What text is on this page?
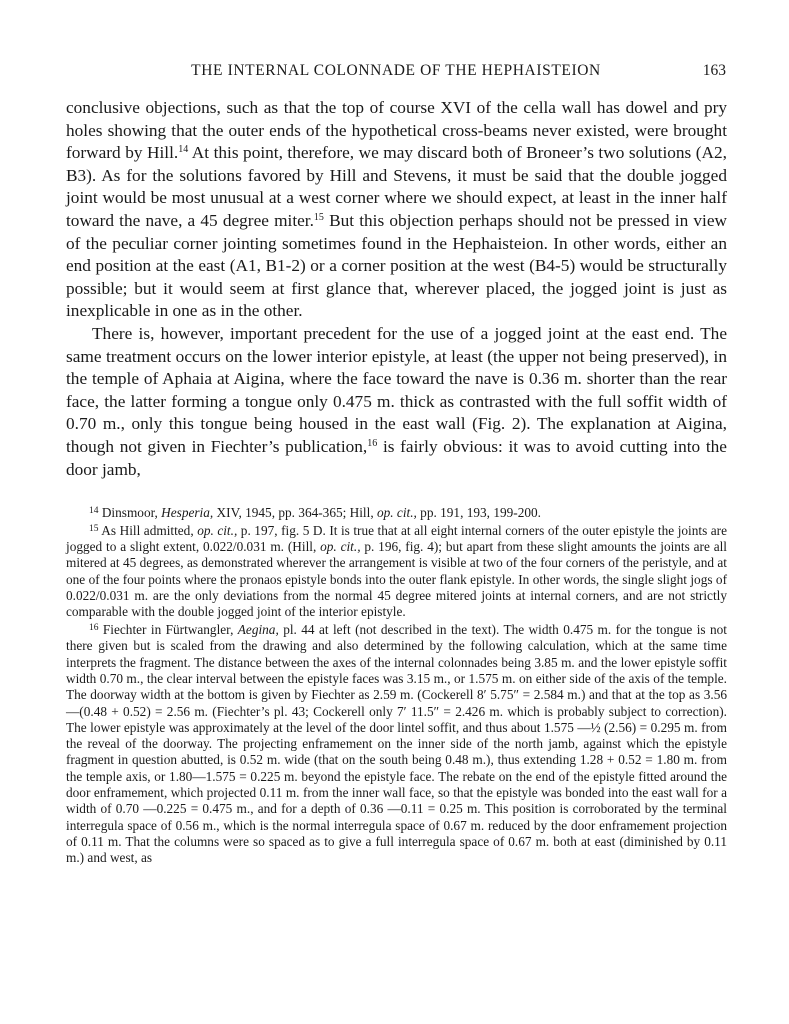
THE INTERNAL COLONNADE OF THE HEPHAISTEION	163

conclusive objections, such as that the top of course XVI of the cella wall has dowel and pry holes showing that the outer ends of the hypothetical cross-beams never existed, were brought forward by Hill.$^{14}$ At this point, therefore, we may discard both of Broneer’s two solutions (A2, B3). As for the solutions favored by Hill and Stevens, it must be said that the double jogged joint would be most unusual at a west corner where we should expect, at least in the inner half toward the nave, a 45 degree miter.$^{15}$ But this objection perhaps should not be pressed in view of the peculiar corner jointing sometimes found in the Hephaisteion. In other words, either an end position at the east (A1, B1-2) or a corner position at the west (B4-5) would be structurally possible; but it would seem at first glance that, wherever placed, the jogged joint is just as inexplicable in one as in the other.

There is, however, important precedent for the use of a jogged joint at the east end. The same treatment occurs on the lower interior epistyle, at least (the upper not being preserved), in the temple of Aphaia at Aigina, where the face toward the nave is 0.36 m. shorter than the rear face, the latter forming a tongue only 0.475 m. thick as contrasted with the full soffit width of 0.70 m., only this tongue being housed in the east wall (Fig. 2). The explanation at Aigina, though not given in Fiechter’s publication,$^{16}$ is fairly obvious: it was to avoid cutting into the door jamb,

$^{14}$ Dinsmoor, Hesperia, XIV, 1945, pp. 364-365; Hill, op. cit., pp. 191, 193, 199-200.

$^{15}$ As Hill admitted, op. cit., p. 197, fig. 5 D. It is true that at all eight internal corners of the outer epistyle the joints are jogged to a slight extent, 0.022/0.031 m. (Hill, op. cit., p. 196, fig. 4); but apart from these slight amounts the joints are all mitered at 45 degrees, as demonstrated wherever the arrangement is visible at two of the four corners of the peristyle, and at one of the four points where the pronaos epistyle bonds into the outer flank epistyle. In other words, the single slight jogs of 0.022/0.031 m. are the only deviations from the normal 45 degree mitered joints at internal corners, and are not strictly comparable with the double jogged joint of the interior epistyle.

$^{16}$ Fiechter in Fürtwangler, Aegina, pl. 44 at left (not described in the text). The width 0.475 m. for the tongue is not there given but is scaled from the drawing and also determined by the following calculation, which at the same time interprets the fragment. The distance between the axes of the internal colonnades being 3.85 m. and the lower epistyle soffit width 0.70 m., the clear interval between the epistyle faces was 3.15 m., or 1.575 m. on either side of the axis of the temple. The doorway width at the bottom is given by Fiechter as 2.59 m. (Cockerell 8′ 5.75″ = 2.584 m.) and that at the top as 3.56 —(0.48 + 0.52) = 2.56 m. (Fiechter’s pl. 43; Cockerell only 7′ 11.5″ = 2.426 m. which is probably subject to correction). The lower epistyle was approximately at the level of the door lintel soffit, and thus about 1.575 —½ (2.56) = 0.295 m. from the reveal of the doorway. The projecting enframement on the inner side of the north jamb, against which the epistyle fragment in question abutted, is 0.52 m. wide (that on the south being 0.48 m.), thus extending 1.28 + 0.52 = 1.80 m. from the temple axis, or 1.80—1.575 = 0.225 m. beyond the epistyle face. The rebate on the end of the epistyle fitted around the door enframement, which projected 0.11 m. from the inner wall face, so that the epistyle was bonded into the east wall for a width of 0.70 —0.225 = 0.475 m., and for a depth of 0.36 —0.11 = 0.25 m. This position is corroborated by the terminal interregula space of 0.56 m., which is the normal interregula space of 0.67 m. reduced by the door enframement projection of 0.11 m. That the columns were so spaced as to give a full interregula space of 0.67 m. both at east (diminished by 0.11 m.) and west, as
